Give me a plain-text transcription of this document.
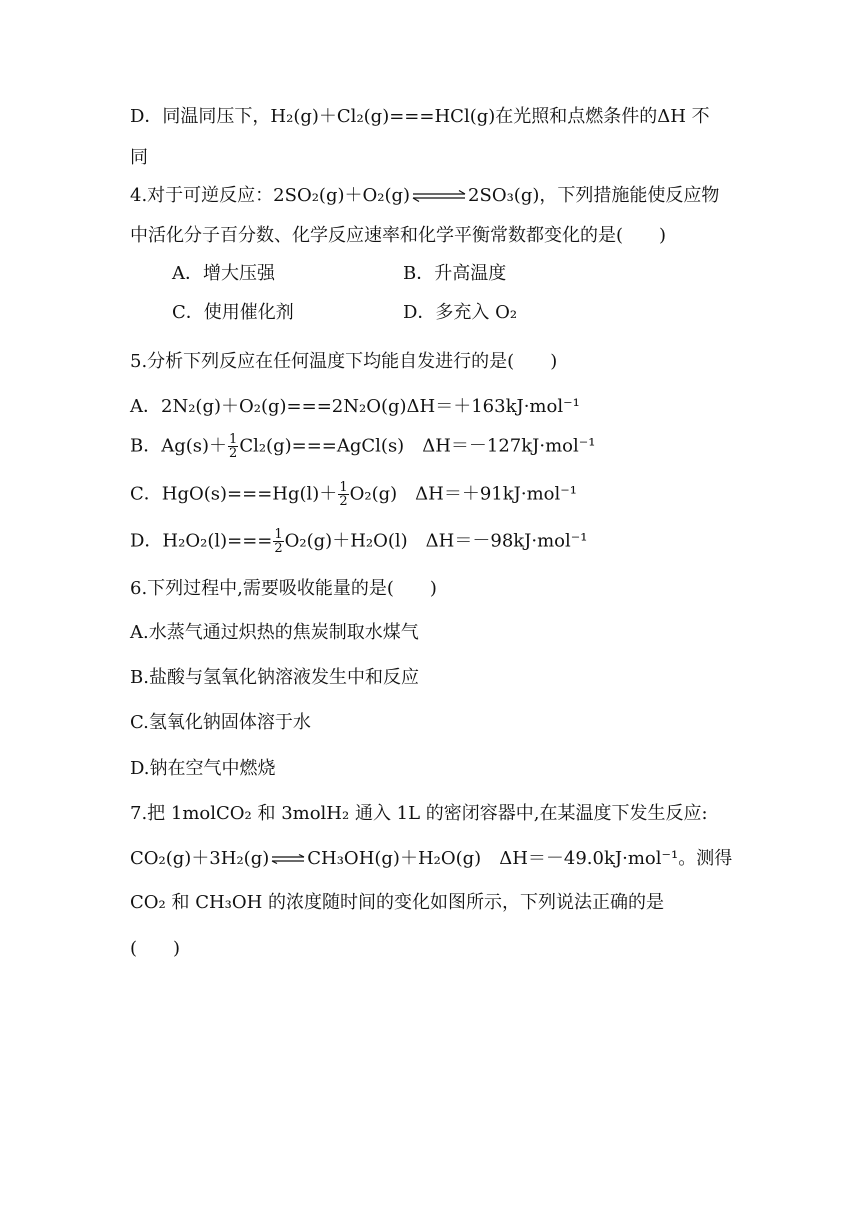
D．同温同压下，H₂(g)＋Cl₂(g)===HCl(g)在光照和点燃条件的ΔH 不
同
4.对于可逆反应：2SO₂(g)＋O₂(g)⇌2SO₃(g)，下列措施能使反应物
中活化分子百分数、化学反应速率和化学平衡常数都变化的是(　　)
A．增大压强	B．升高温度
C．使用催化剂	D．多充入 O₂
5.分析下列反应在任何温度下均能自发进行的是(　　)
A．2N₂(g)＋O₂(g)===2N₂O(g)ΔH＝＋163kJ·mol⁻¹
B．$Ag(s)+ \frac{1}{2}$ Cl₂(g)===AgCl(s)　ΔH＝－127kJ·mol⁻¹
C．$HgO(s)===Hg(l)+ \frac{1}{2} O_2(g)$　ΔH＝＋91kJ·mol⁻¹
D．$H_2O_2(l)=== \frac{1}{2} O_2(g)+H_2O(l)$　ΔH＝－98kJ·mol⁻¹
6.下列过程中,需要吸收能量的是(　　)
A.水蒸气通过炽热的焦炭制取水煤气
B.盐酸与氢氧化钠溶液发生中和反应
C.氢氧化钠固体溶于水
D.钠在空气中燃烧
7.把 1molCO₂ 和 3molH₂ 通入 1L 的密闭容器中,在某温度下发生反应:
CO₂(g)＋3H₂(g)⇌CH₃OH(g)＋H₂O(g)　ΔH＝－49.0kJ·mol⁻¹。测得
CO₂ 和 CH₃OH 的浓度随时间的变化如图所示，下列说法正确的是
(　　)
